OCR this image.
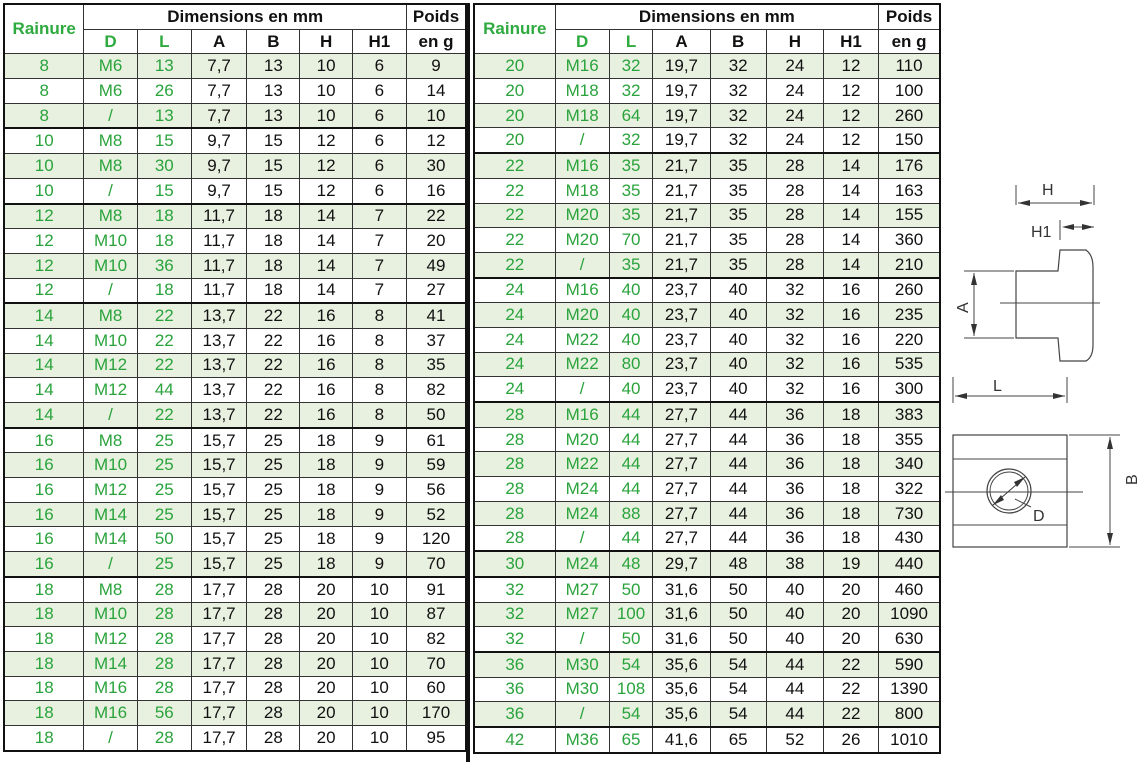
Rainure	Dimensions en mm						Poids
	D	L	A	B	H	H1	en g
8	M6	13	7,7	13	10	6	9
8	M6	26	7,7	13	10	6	14
8	/	13	7,7	13	10	6	10
10	M8	15	9,7	15	12	6	12
10	M8	30	9,7	15	12	6	30
10	/	15	9,7	15	12	6	16
12	M8	18	11,7	18	14	7	22
12	M10	18	11,7	18	14	7	20
12	M10	36	11,7	18	14	7	49
12	/	18	11,7	18	14	7	27
14	M8	22	13,7	22	16	8	41
14	M10	22	13,7	22	16	8	37
14	M12	22	13,7	22	16	8	35
14	M12	44	13,7	22	16	8	82
14	/	22	13,7	22	16	8	50
16	M8	25	15,7	25	18	9	61
16	M10	25	15,7	25	18	9	59
16	M12	25	15,7	25	18	9	56
16	M14	25	15,7	25	18	9	52
16	M14	50	15,7	25	18	9	120
16	/	25	15,7	25	18	9	70
18	M8	28	17,7	28	20	10	91
18	M10	28	17,7	28	20	10	87
18	M12	28	17,7	28	20	10	82
18	M14	28	17,7	28	20	10	70
18	M16	28	17,7	28	20	10	60
18	M16	56	17,7	28	20	10	170
18	/	28	17,7	28	20	10	95
Rainure	Dimensions en mm						Poids
	D	L	A	B	H	H1	en g
20	M16	32	19,7	32	24	12	110
20	M18	32	19,7	32	24	12	100
20	M18	64	19,7	32	24	12	260
20	/	32	19,7	32	24	12	150
22	M16	35	21,7	35	28	14	176
22	M18	35	21,7	35	28	14	163
22	M20	35	21,7	35	28	14	155
22	M20	70	21,7	35	28	14	360
22	/	35	21,7	35	28	14	210
24	M16	40	23,7	40	32	16	260
24	M20	40	23,7	40	32	16	235
24	M22	40	23,7	40	32	16	220
24	M22	80	23,7	40	32	16	535
24	/	40	23,7	40	32	16	300
28	M16	44	27,7	44	36	18	383
28	M20	44	27,7	44	36	18	355
28	M22	44	27,7	44	36	18	340
28	M24	44	27,7	44	36	18	322
28	M24	88	27,7	44	36	18	730
28	/	44	27,7	44	36	18	430
30	M24	48	29,7	48	38	19	440
32	M27	50	31,6	50	40	20	460
32	M27	100	31,6	50	40	20	1090
32	/	50	31,6	50	40	20	630
36	M30	54	35,6	54	44	22	590
36	M30	108	35,6	54	44	22	1390
36	/	54	35,6	54	44	22	800
42	M36	65	41,6	65	52	26	1010
H
H1
A
L
D
B
